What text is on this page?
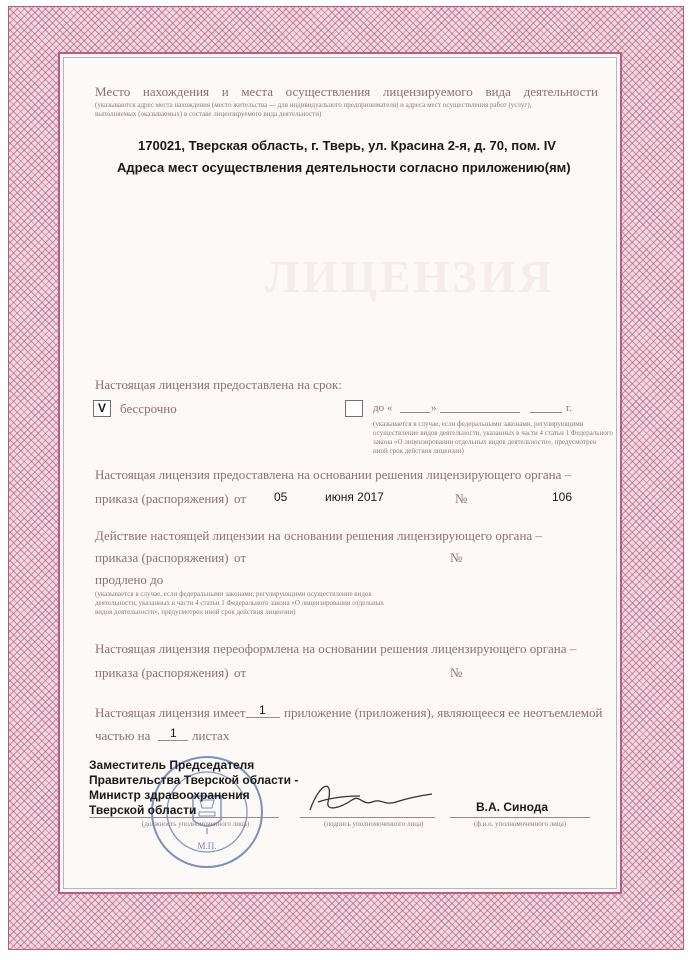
ЛИЦЕНЗИЯ
Место нахождения и места осуществления лицензируемого вида деятельности
(указываются адрес места нахождения (место жительства — для индивидуального предпринимателя) и адреса мест осуществления работ (услуг),
выполняемых (оказываемых) в составе лицензируемого вида деятельности)
170021, Тверская область, г. Тверь, ул. Красина 2-я, д. 70, пом. IV
Адреса мест осуществления деятельности согласно приложению(ям)
Настоящая лицензия предоставлена на срок:
V бессрочно	до «	»	г.
(указывается в случае, если федеральными законами, регулирующими
осуществление видов деятельности, указанных в части 4 статьи 1 Федерального
закона «О лицензировании отдельных видов деятельности», предусмотрен
иной срок действия лицензии)
Настоящая лицензия предоставлена на основании решения лицензирующего органа –
приказа (распоряжения) от 05	июня 2017	№	106
Действие настоящей лицензии на основании решения лицензирующего органа –
приказа (распоряжения) от	№
продлено до
(указывается в случае, если федеральными законами, регулирующими осуществление видов
деятельности, указанных в части 4 статьи 1 Федерального закона «О лицензировании отдельных
видов деятельности», предусмотрен иной срок действия лицензии)
Настоящая лицензия переоформлена на основании решения лицензирующего органа –
приказа (распоряжения) от	№
Настоящая лицензия имеет 1 приложение (приложения), являющееся ее неотъемлемой
частью на 1 листах
М.П.
Заместитель Председателя
Правительства Тверской области -
Министр здравоохранения
Тверской области
(должность уполномоченного лица)	(подпись уполномоченного лица)
В.А. Синода
(ф.и.о. уполномоченного лица)
